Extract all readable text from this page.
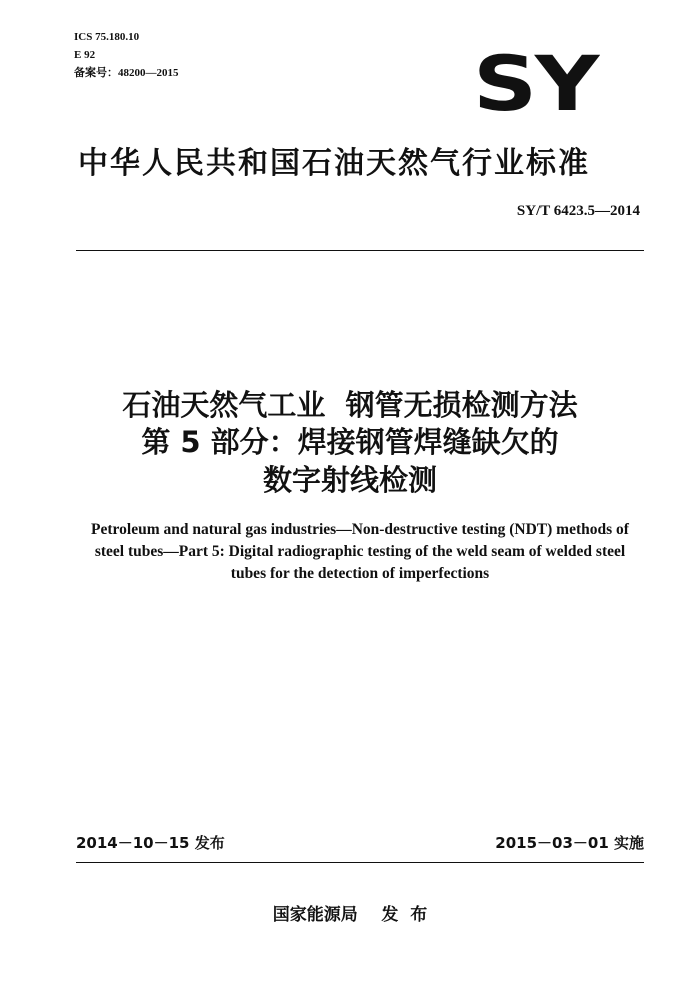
ICS 75.180.10
E 92
备案号：48200—2015	SY
中华人民共和国石油天然气行业标准
SY/T 6423.5—2014
石油天然气工业  钢管无损检测方法
第 5 部分：焊接钢管焊缝缺欠的
数字射线检测
Petroleum and natural gas industries—Non-destructive testing (NDT) methods of steel tubes—Part 5: Digital radiographic testing of the weld seam of welded steel tubes for the detection of imperfections
2014－10－15 发布	2015－03－01 实施
国家能源局    发  布
